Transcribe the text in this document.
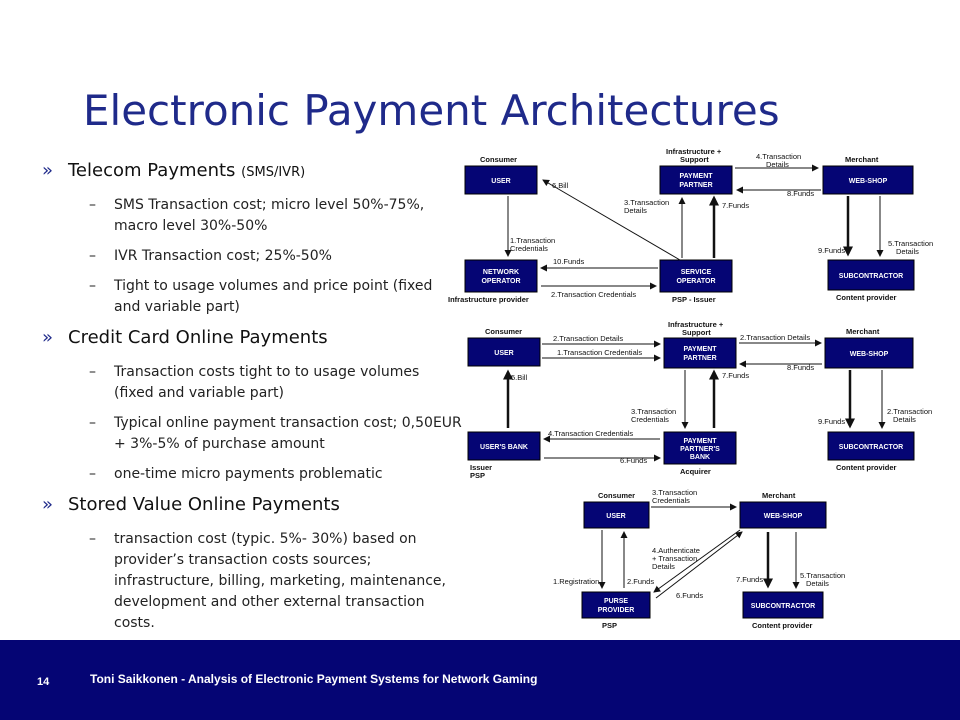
Electronic Payment Architectures
» Telecom Payments (SMS/IVR)
– SMS Transaction cost; micro level 50%-75%, macro level 30%-50%
– IVR Transaction cost; 25%-50%
– Tight to usage volumes and price point (fixed and variable part)
» Credit Card Online Payments
– Transaction costs tight to to usage volumes (fixed and variable part)
– Typical online payment transaction cost; 0,50EUR + 3%-5% of purchase amount
– one-time micro payments problematic
» Stored Value Online Payments
– transaction cost (typic. 5%- 30%) based on provider’s transaction costs sources; infrastructure, billing, marketing, maintenance, development and other external transaction costs.
Consumer
Infrastructure + Support	Merchant
USER
PAYMENT PARTNER
WEB-SHOP
NETWORK OPERATOR
Infrastructure provider
SERVICE OPERATOR
PSP - Issuer
SUBCONTRACTOR
Content provider
4.Transaction Details
8.Funds
6.Bill
1.Transaction Credentials
10.Funds
2.Transaction Credentials
3.Transaction Details
7.Funds
9.Funds
5.Transaction Details
Consumer
Infrastructure + Support	Merchant
USER
PAYMENT PARTNER
WEB-SHOP
USER'S BANK
Issuer PSP
PAYMENT PARTNER'S BANK
Acquirer
SUBCONTRACTOR
Content provider
2.Transaction Details
1.Transaction Credentials
2.Transaction Details
8.Funds
5.Bill
3.Transaction Credentials
7.Funds
4.Transaction Credentials
6.Funds
9.Funds
2.Transaction Details
Consumer	Merchant
USER	WEB-SHOP
PURSE PROVIDER
PSP
SUBCONTRACTOR
Content provider
3.Transaction Credentials
1.Registration	2.Funds
4.Authenticate + Transaction Details
6.Funds
7.Funds	5.Transaction Details
14	Toni Saikkonen - Analysis of Electronic Payment Systems for Network Gaming
